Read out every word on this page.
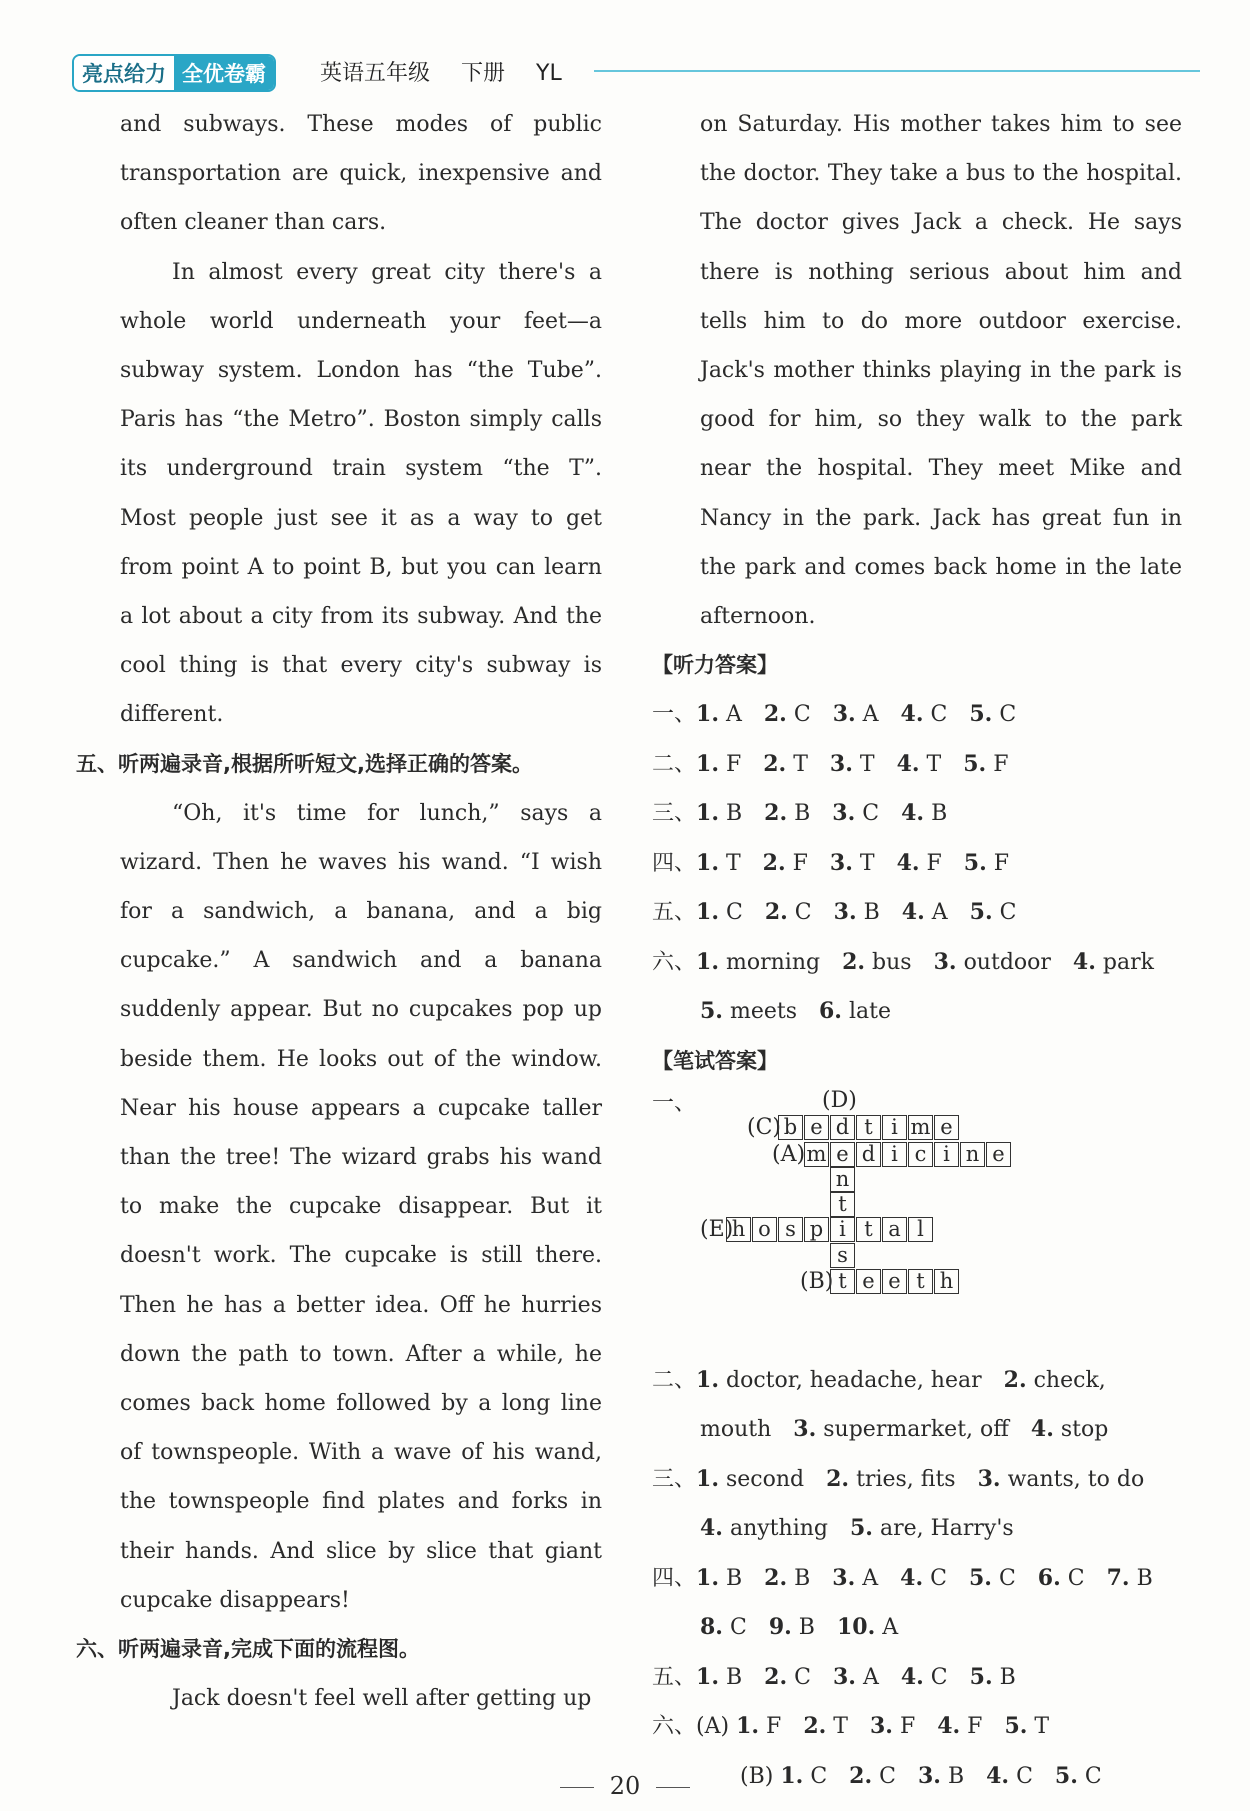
亮点给力 全优卷霸	英语五年级 下册 YL

and subways. These modes of public transportation are quick, inexpensive and often cleaner than cars.

In almost every great city there's a whole world underneath your feet—a subway system. London has “the Tube”. Paris has “the Metro”. Boston simply calls its underground train system “the T”. Most people just see it as a way to get from point A to point B, but you can learn a lot about a city from its subway. And the cool thing is that every city's subway is different.

五、听两遍录音,根据所听短文,选择正确的答案。

“Oh, it's time for lunch,” says a wizard. Then he waves his wand. “I wish for a sandwich, a banana, and a big cupcake.” A sandwich and a banana suddenly appear. But no cupcakes pop up beside them. He looks out of the window. Near his house appears a cupcake taller than the tree! The wizard grabs his wand to make the cupcake disappear. But it doesn't work. The cupcake is still there. Then he has a better idea. Off he hurries down the path to town. After a while, he comes back home followed by a long line of townspeople. With a wave of his wand, the townspeople find plates and forks in their hands. And slice by slice that giant cupcake disappears!

六、听两遍录音,完成下面的流程图。

Jack doesn't feel well after getting up

on Saturday. His mother takes him to see the doctor. They take a bus to the hospital. The doctor gives Jack a check. He says there is nothing serious about him and tells him to do more outdoor exercise. Jack's mother thinks playing in the park is good for him, so they walk to the park near the hospital. They meet Mike and Nancy in the park. Jack has great fun in the park and comes back home in the late afternoon.

【听力答案】
一、1. A 2. C 3. A 4. C 5. C
二、1. F 2. T 3. T 4. T 5. F
三、1. B 2. B 3. C 4. B
四、1. T 2. F 3. T 4. F 5. F
五、1. C 2. C 3. B 4. A 5. C
六、1. morning 2. bus 3. outdoor 4. park
5. meets 6. late
【笔试答案】
一、	(D)
(C)
(A)
(E)
(B)
b e d t i m e
m e d i c i n e
h o s p i t a l
t e e t h
n
t
s
二、1. doctor, headache, hear 2. check,
mouth 3. supermarket, off 4. stop
三、1. second 2. tries, fits 3. wants, to do
4. anything 5. are, Harry's
四、1. B 2. B 3. A 4. C 5. C 6. C 7. B
8. C 9. B 10. A
五、1. B 2. C 3. A 4. C 5. B
六、(A) 1. F 2. T 3. F 4. F 5. T
(B) 1. C 2. C 3. B 4. C 5. C
20
